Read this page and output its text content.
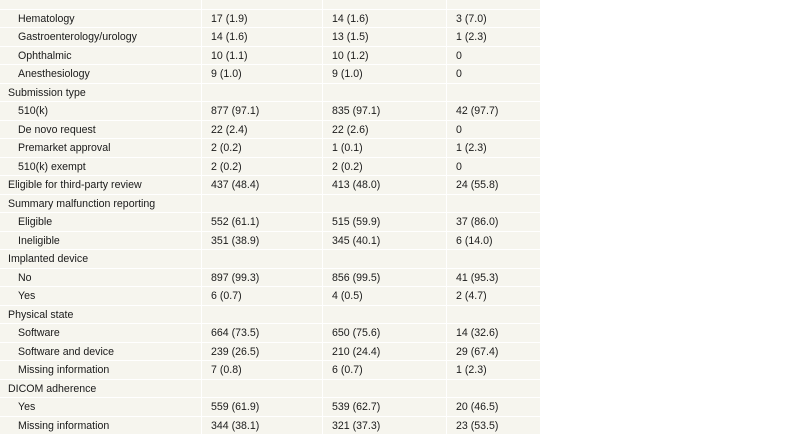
Hematology	17 (1.9)	14 (1.6)	3 (7.0)
Gastroenterology/urology	14 (1.6)	13 (1.5)	1 (2.3)
Ophthalmic	10 (1.1)	10 (1.2)	0
Anesthesiology	9 (1.0)	9 (1.0)	0
Submission type
510(k)	877 (97.1)	835 (97.1)	42 (97.7)
De novo request	22 (2.4)	22 (2.6)	0
Premarket approval	2 (0.2)	1 (0.1)	1 (2.3)
510(k) exempt	2 (0.2)	2 (0.2)	0
Eligible for third-party review	437 (48.4)	413 (48.0)	24 (55.8)
Summary malfunction reporting
Eligible	552 (61.1)	515 (59.9)	37 (86.0)
Ineligible	351 (38.9)	345 (40.1)	6 (14.0)
Implanted device
No	897 (99.3)	856 (99.5)	41 (95.3)
Yes	6 (0.7)	4 (0.5)	2 (4.7)
Physical state
Software	664 (73.5)	650 (75.6)	14 (32.6)
Software and device	239 (26.5)	210 (24.4)	29 (67.4)
Missing information	7 (0.8)	6 (0.7)	1 (2.3)
DICOM adherence
Yes	559 (61.9)	539 (62.7)	20 (46.5)
Missing information	344 (38.1)	321 (37.3)	23 (53.5)
